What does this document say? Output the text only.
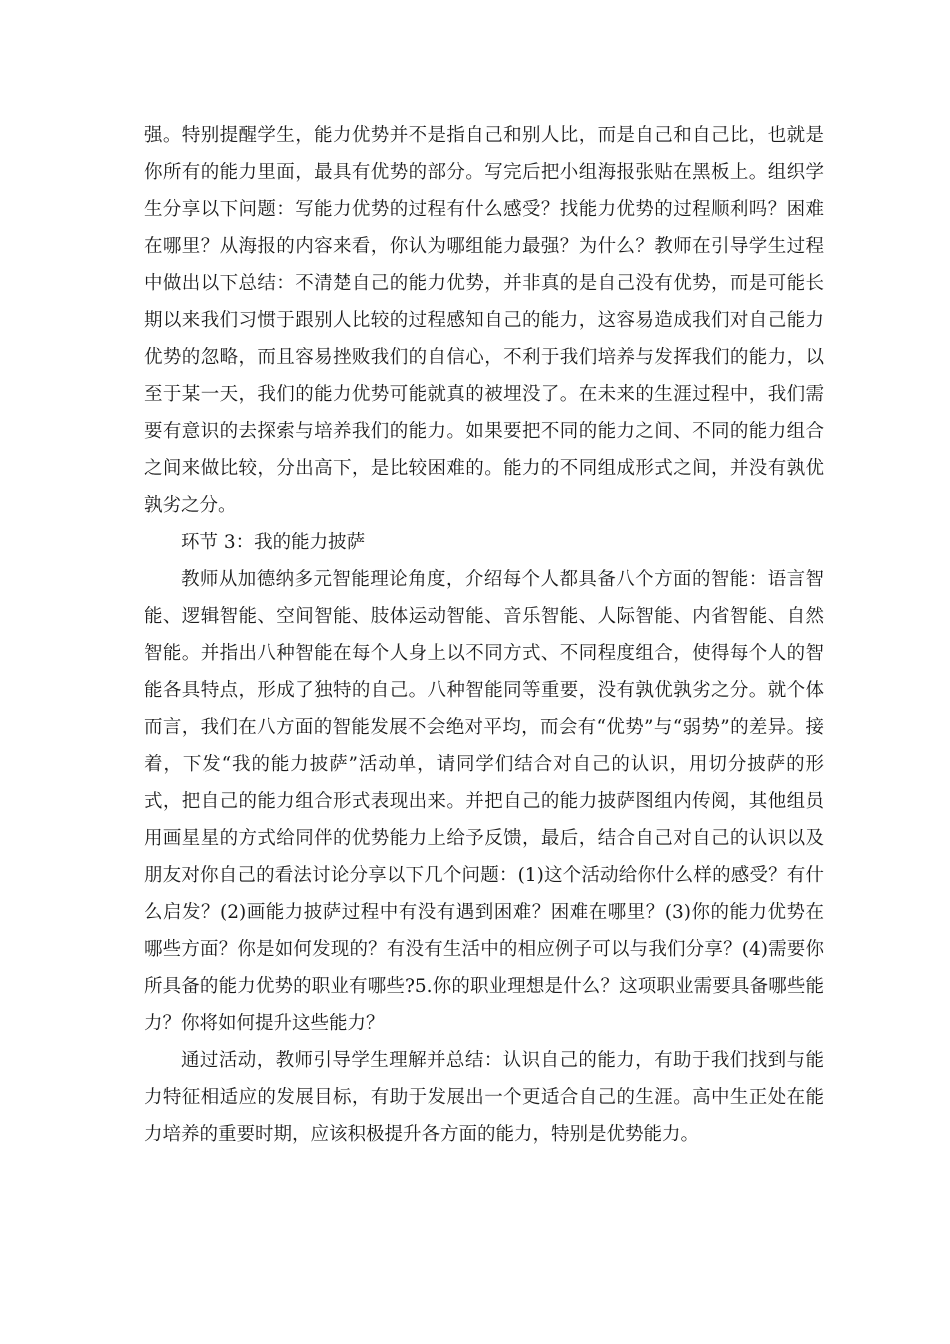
强。特别提醒学生，能力优势并不是指自己和别人比，而是自己和自己比，也就是你所有的能力里面，最具有优势的部分。写完后把小组海报张贴在黑板上。组织学生分享以下问题：写能力优势的过程有什么感受？找能力优势的过程顺利吗？困难在哪里？从海报的内容来看，你认为哪组能力最强？为什么？教师在引导学生过程中做出以下总结：不清楚自己的能力优势，并非真的是自己没有优势，而是可能长期以来我们习惯于跟别人比较的过程感知自己的能力，这容易造成我们对自己能力优势的忽略，而且容易挫败我们的自信心，不利于我们培养与发挥我们的能力，以至于某一天，我们的能力优势可能就真的被埋没了。在未来的生涯过程中，我们需要有意识的去探索与培养我们的能力。如果要把不同的能力之间、不同的能力组合之间来做比较，分出高下，是比较困难的。能力的不同组成形式之间，并没有孰优孰劣之分。

环节 3：我的能力披萨

教师从加德纳多元智能理论角度，介绍每个人都具备八个方面的智能：语言智能、逻辑智能、空间智能、肢体运动智能、音乐智能、人际智能、内省智能、自然智能。并指出八种智能在每个人身上以不同方式、不同程度组合，使得每个人的智能各具特点，形成了独特的自己。八种智能同等重要，没有孰优孰劣之分。就个体而言，我们在八方面的智能发展不会绝对平均，而会有“优势”与“弱势”的差异。接着，下发“我的能力披萨”活动单，请同学们结合对自己的认识，用切分披萨的形式，把自己的能力组合形式表现出来。并把自己的能力披萨图组内传阅，其他组员用画星星的方式给同伴的优势能力上给予反馈，最后，结合自己对自己的认识以及朋友对你自己的看法讨论分享以下几个问题：(1)这个活动给你什么样的感受？有什么启发？(2)画能力披萨过程中有没有遇到困难？困难在哪里？(3)你的能力优势在哪些方面？你是如何发现的？有没有生活中的相应例子可以与我们分享？(4)需要你所具备的能力优势的职业有哪些?5.你的职业理想是什么？这项职业需要具备哪些能力？你将如何提升这些能力？

通过活动，教师引导学生理解并总结：认识自己的能力，有助于我们找到与能力特征相适应的发展目标，有助于发展出一个更适合自己的生涯。高中生正处在能力培养的重要时期，应该积极提升各方面的能力，特别是优势能力。
